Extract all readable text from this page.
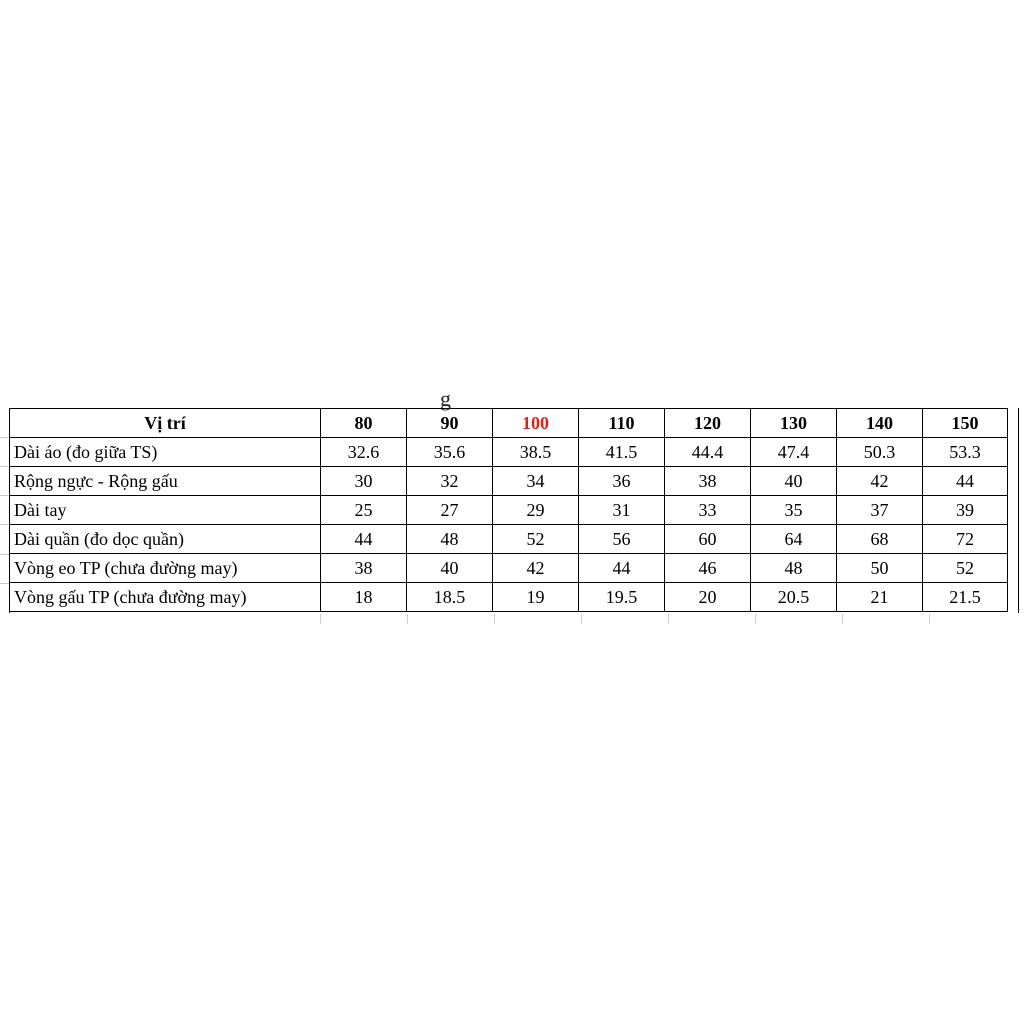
g
Vị trí	80	90	100	110	120	130	140	150
Dài áo (đo giữa TS)	32.6	35.6	38.5	41.5	44.4	47.4	50.3	53.3
Rộng ngực - Rộng gấu	30	32	34	36	38	40	42	44
Dài tay	25	27	29	31	33	35	37	39
Dài quần (đo dọc quần)	44	48	52	56	60	64	68	72
Vòng eo TP (chưa đường may)	38	40	42	44	46	48	50	52
Vòng gấu TP (chưa đường may)	18	18.5	19	19.5	20	20.5	21	21.5
